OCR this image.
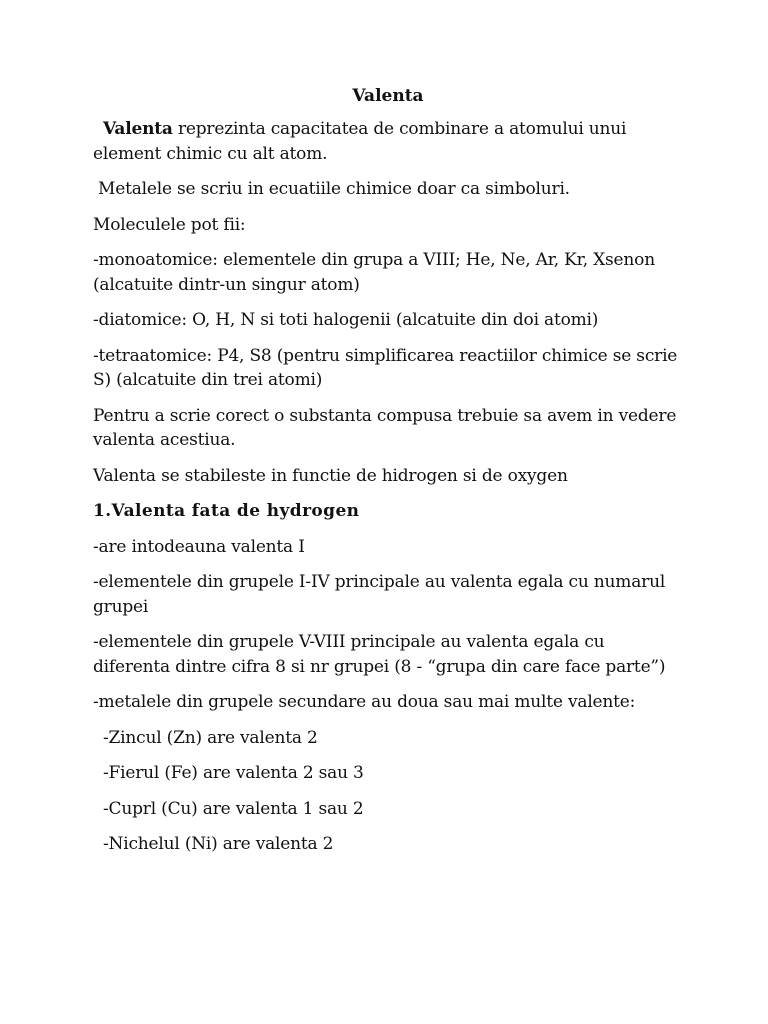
Valenta
Valenta reprezinta capacitatea de combinare a atomului unui element chimic cu alt atom.
Metalele se scriu in ecuatiile chimice doar ca simboluri.
Moleculele pot fii:
-monoatomice: elementele din grupa a VIII; He, Ne, Ar, Kr, Xsenon (alcatuite dintr-un singur atom)
-diatomice: O, H, N si toti halogenii (alcatuite din doi atomi)
-tetraatomice: P4, S8 (pentru simplificarea reactiilor chimice se scrie S) (alcatuite din trei atomi)
Pentru a scrie corect o substanta compusa trebuie sa avem in vedere valenta acestiua.
Valenta se stabileste in functie de hidrogen si de oxygen
1.Valenta fata de hydrogen
-are intodeauna valenta I
-elementele din grupele I-IV principale au valenta egala cu numarul grupei
-elementele din grupele V-VIII principale au valenta egala cu diferenta dintre cifra 8 si nr grupei (8 - “grupa din care face parte”)
-metalele din grupele secundare au doua sau mai multe valente:
-Zincul (Zn) are valenta 2
-Fierul (Fe) are valenta 2 sau 3
-Cuprl (Cu) are valenta 1 sau 2
-Nichelul (Ni) are valenta 2
